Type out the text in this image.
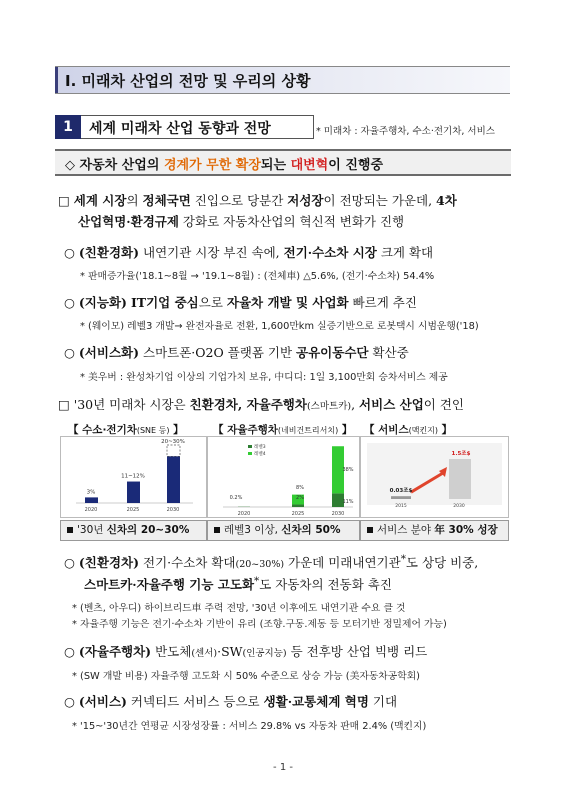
Ⅰ. 미래차 산업의 전망 및 우리의 상황
1	세계 미래차 산업 동향과 전망	* 미래차 : 자율주행차, 수소·전기차, 서비스
◇ 자동차 산업의 경계가 무한 확장되는 대변혁이 진행중
□ 세계 시장의 정체국면 진입으로 당분간 저성장이 전망되는 가운데, 4차
산업혁명·환경규제 강화로 자동차산업의 혁신적 변화가 진행
○ (친환경화) 내연기관 시장 부진 속에, 전기·수소차 시장 크게 확대
* 판매증가율('18.1~8월 → '19.1~8월) : (전체車) △5.6%, (전기·수소차) 54.4%
○ (지능화) IT기업 중심으로 자율차 개발 및 사업화 빠르게 추진
* (웨이모) 레벨3 개발→ 완전자율로 전환, 1,600만km 실증기반으로 로봇택시 시범운행('18)
○ (서비스화) 스마트폰·O2O 플랫폼 기반 공유이동수단 확산중
* 美우버 : 완성차기업 이상의 기업가치 보유, 中디디: 1일 3,100만회 승차서비스 제공
□ '30년 미래차 시장은 친환경차, 자율주행차(스마트카), 서비스 산업이 견인
【 수소·전기차(SNE 등) 】	【 자율주행차(네비건트리서치) 】 【 서비스(맥킨지) 】
3%
2020
11~12%
2025
20~30%
2030
레벨3
레벨4
2020	2025	2030
0.2%
8%
2%
38%
11%
0.03조$
1.5조$
2015	2030
'30년 신차의 20∼30%	레벨3 이상, 신차의 50%	서비스 분야 年 30% 성장
○ (친환경차) 전기·수소차 확대(20~30%) 가운데 미래내연기관*도 상당 비중,
스마트카·자율주행 기능 고도화*도 자동차의 전동화 촉진
* (벤츠, 아우디) 하이브리드車 주력 전망, '30년 이후에도 내연기관 수요 클 것
* 자율주행 기능은 전기·수소차 기반이 유리 (조향.구동.제동 등 모터기반 정밀제어 가능)
○ (자율주행차) 반도체(센서)·SW(인공지능) 등 전후방 산업 빅뱅 리드
* (SW 개발 비용) 자율주행 고도화 시 50% 수준으로 상승 가능 (美자동차공학회)
○ (서비스) 커넥티드 서비스 등으로 생활·교통체계 혁명 기대
* '15~'30년간 연평균 시장성장률 : 서비스 29.8% vs 자동차 판매 2.4% (맥킨지)
- 1 -
